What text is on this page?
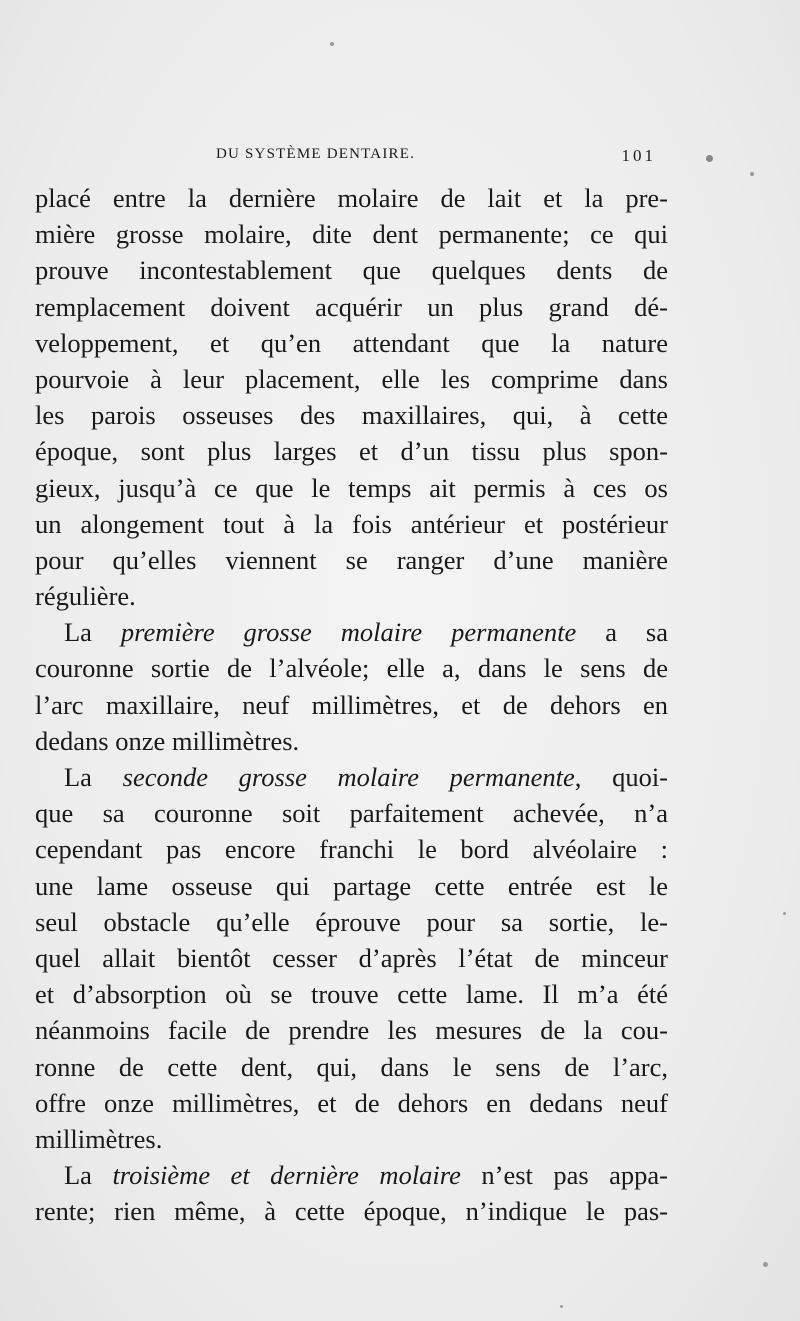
DU SYSTÈME DENTAIRE.	101
placé entre la dernière molaire de lait et la pre-
mière grosse molaire, dite dent permanente; ce qui
prouve incontestablement que quelques dents de
remplacement doivent acquérir un plus grand dé-
veloppement, et qu’en attendant que la nature
pourvoie à leur placement, elle les comprime dans
les parois osseuses des maxillaires, qui, à cette
époque, sont plus larges et d’un tissu plus spon-
gieux, jusqu’à ce que le temps ait permis à ces os
un alongement tout à la fois antérieur et postérieur
pour qu’elles viennent se ranger d’une manière
régulière.
La première grosse molaire permanente a sa
couronne sortie de l’alvéole; elle a, dans le sens de
l’arc maxillaire, neuf millimètres, et de dehors en
dedans onze millimètres.
La seconde grosse molaire permanente, quoi-
que sa couronne soit parfaitement achevée, n’a
cependant pas encore franchi le bord alvéolaire :
une lame osseuse qui partage cette entrée est le
seul obstacle qu’elle éprouve pour sa sortie, le-
quel allait bientôt cesser d’après l’état de minceur
et d’absorption où se trouve cette lame. Il m’a été
néanmoins facile de prendre les mesures de la cou-
ronne de cette dent, qui, dans le sens de l’arc,
offre onze millimètres, et de dehors en dedans neuf
millimètres.
La troisième et dernière molaire n’est pas appa-
rente; rien même, à cette époque, n’indique le pas-
